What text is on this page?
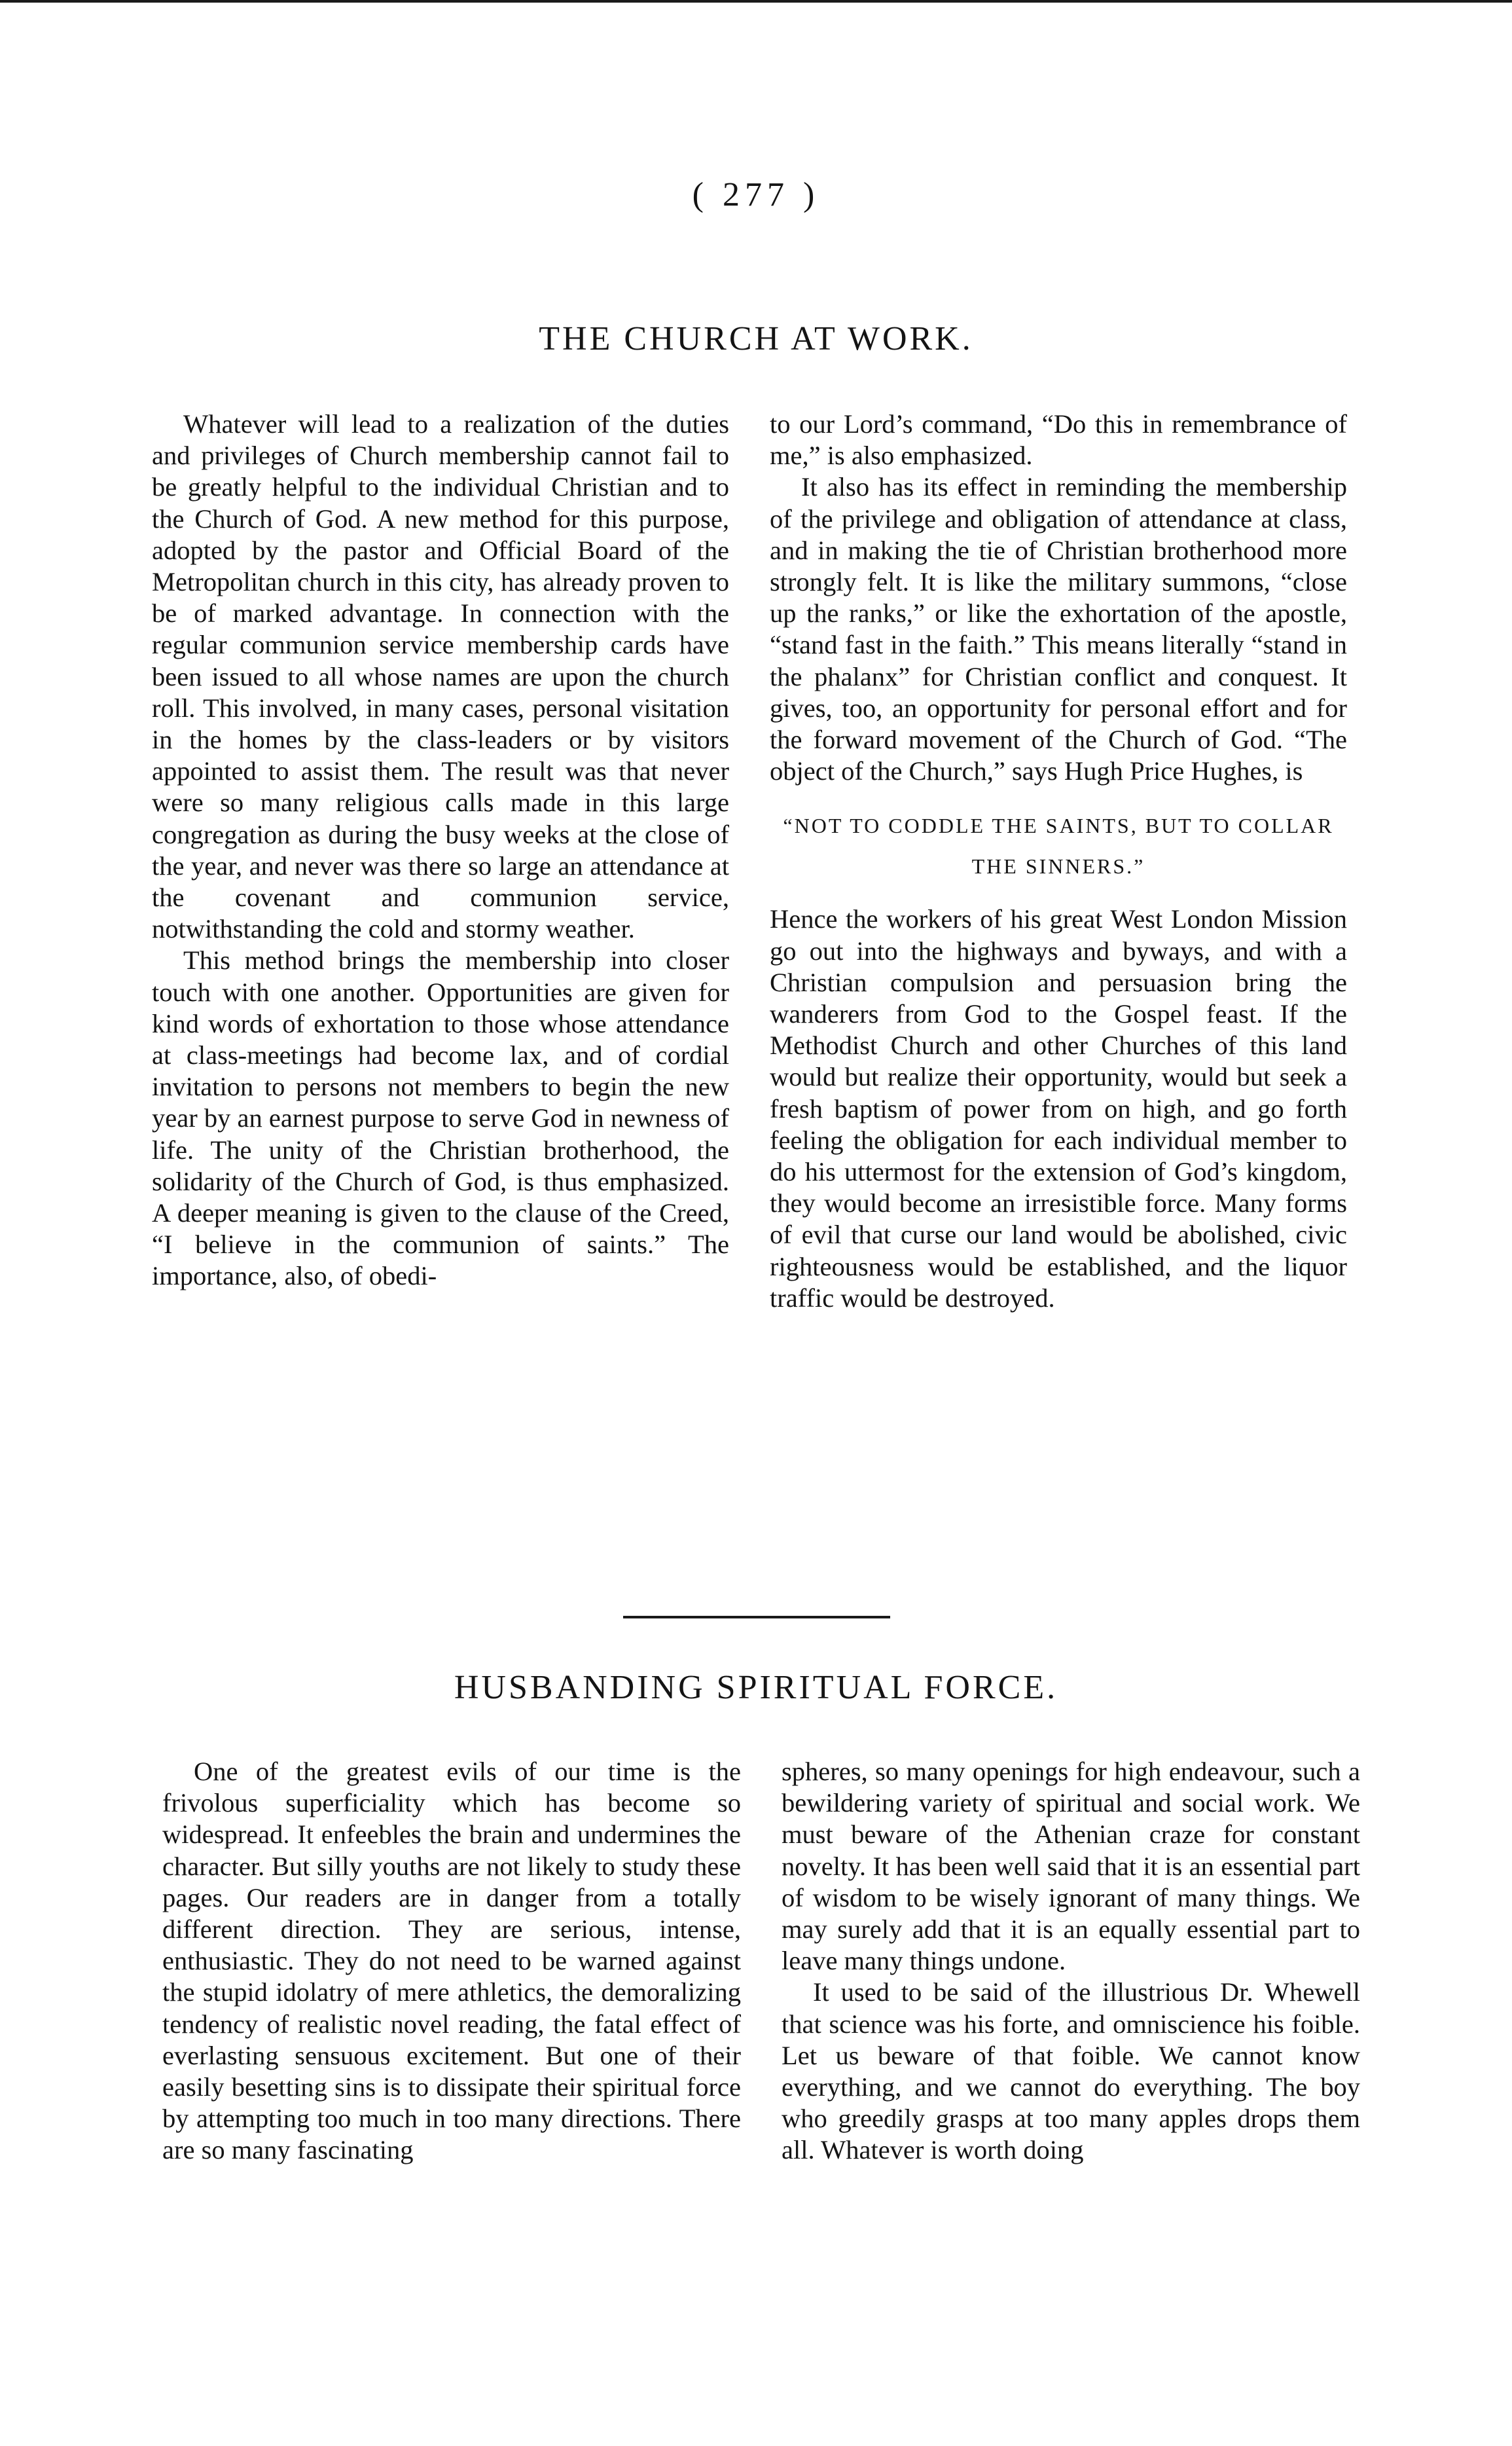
( 277 )
THE CHURCH AT WORK.

Whatever will lead to a realization of the duties and privileges of Church membership cannot fail to be greatly helpful to the individual Christian and to the Church of God. A new method for this purpose, adopted by the pastor and Official Board of the Metropolitan church in this city, has already proven to be of marked advantage. In connection with the regular communion service membership cards have been issued to all whose names are upon the church roll. This involved, in many cases, personal visitation in the homes by the class-leaders or by visitors appointed to assist them. The result was that never were so many religious calls made in this large congregation as during the busy weeks at the close of the year, and never was there so large an attendance at the covenant and communion service, notwithstanding the cold and stormy weather.

This method brings the membership into closer touch with one another. Opportunities are given for kind words of exhortation to those whose attendance at class-meetings had become lax, and of cordial invitation to persons not members to begin the new year by an earnest purpose to serve God in newness of life. The unity of the Christian brotherhood, the solidarity of the Church of God, is thus emphasized. A deeper meaning is given to the clause of the Creed, “I believe in the communion of saints.” The importance, also, of obedi-

to our Lord’s command, “Do this in remembrance of me,” is also emphasized.

It also has its effect in reminding the membership of the privilege and obligation of attendance at class, and in making the tie of Christian brotherhood more strongly felt. It is like the military summons, “close up the ranks,” or like the exhortation of the apostle, “stand fast in the faith.” This means literally “stand in the phalanx” for Christian conflict and conquest. It gives, too, an opportunity for personal effort and for the forward movement of the Church of God. “The object of the Church,” says Hugh Price Hughes, is

“NOT TO CODDLE THE SAINTS, BUT TO COLLAR THE SINNERS.”

Hence the workers of his great West London Mission go out into the highways and byways, and with a Christian compulsion and persuasion bring the wanderers from God to the Gospel feast. If the Methodist Church and other Churches of this land would but realize their opportunity, would but seek a fresh baptism of power from on high, and go forth feeling the obligation for each individual member to do his uttermost for the extension of God’s kingdom, they would become an irresistible force. Many forms of evil that curse our land would be abolished, civic righteousness would be established, and the liquor traffic would be destroyed.

HUSBANDING SPIRITUAL FORCE.

One of the greatest evils of our time is the frivolous superficiality which has become so widespread. It enfeebles the brain and undermines the character. But silly youths are not likely to study these pages. Our readers are in danger from a totally different direction. They are serious, intense, enthusiastic. They do not need to be warned against the stupid idolatry of mere athletics, the demoralizing tendency of realistic novel reading, the fatal effect of everlasting sensuous excitement. But one of their easily besetting sins is to dissipate their spiritual force by attempting too much in too many directions. There are so many fascinating

spheres, so many openings for high endeavour, such a bewildering variety of spiritual and social work. We must beware of the Athenian craze for constant novelty. It has been well said that it is an essential part of wisdom to be wisely ignorant of many things. We may surely add that it is an equally essential part to leave many things undone.

It used to be said of the illustrious Dr. Whewell that science was his forte, and omniscience his foible. Let us beware of that foible. We cannot know everything, and we cannot do everything. The boy who greedily grasps at too many apples drops them all. Whatever is worth doing
